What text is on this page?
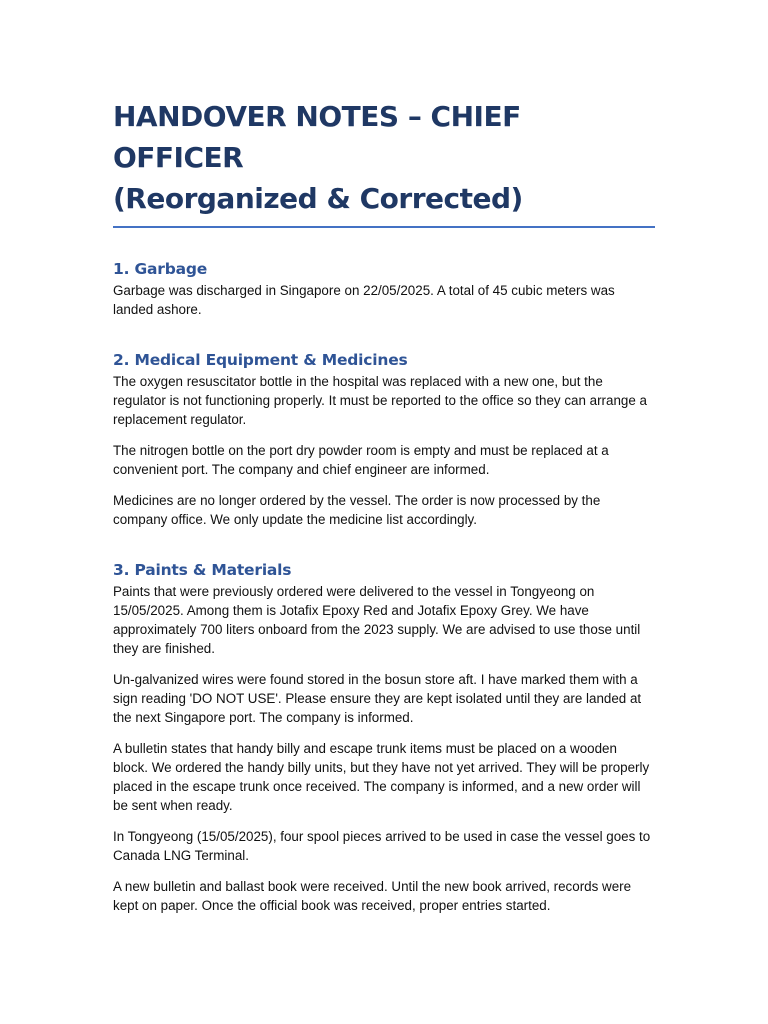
HANDOVER NOTES – CHIEF OFFICER
(Reorganized & Corrected)
1. Garbage

Garbage was discharged in Singapore on 22/05/2025. A total of 45 cubic meters was landed ashore.

2. Medical Equipment & Medicines

The oxygen resuscitator bottle in the hospital was replaced with a new one, but the regulator is not functioning properly. It must be reported to the office so they can arrange a replacement regulator.

The nitrogen bottle on the port dry powder room is empty and must be replaced at a convenient port. The company and chief engineer are informed.

Medicines are no longer ordered by the vessel. The order is now processed by the company office. We only update the medicine list accordingly.

3. Paints & Materials

Paints that were previously ordered were delivered to the vessel in Tongyeong on 15/05/2025. Among them is Jotafix Epoxy Red and Jotafix Epoxy Grey. We have approximately 700 liters onboard from the 2023 supply. We are advised to use those until they are finished.

Un-galvanized wires were found stored in the bosun store aft. I have marked them with a sign reading 'DO NOT USE'. Please ensure they are kept isolated until they are landed at the next Singapore port. The company is informed.

A bulletin states that handy billy and escape trunk items must be placed on a wooden block. We ordered the handy billy units, but they have not yet arrived. They will be properly placed in the escape trunk once received. The company is informed, and a new order will be sent when ready.

In Tongyeong (15/05/2025), four spool pieces arrived to be used in case the vessel goes to Canada LNG Terminal.

A new bulletin and ballast book were received. Until the new book arrived, records were kept on paper. Once the official book was received, proper entries started.
